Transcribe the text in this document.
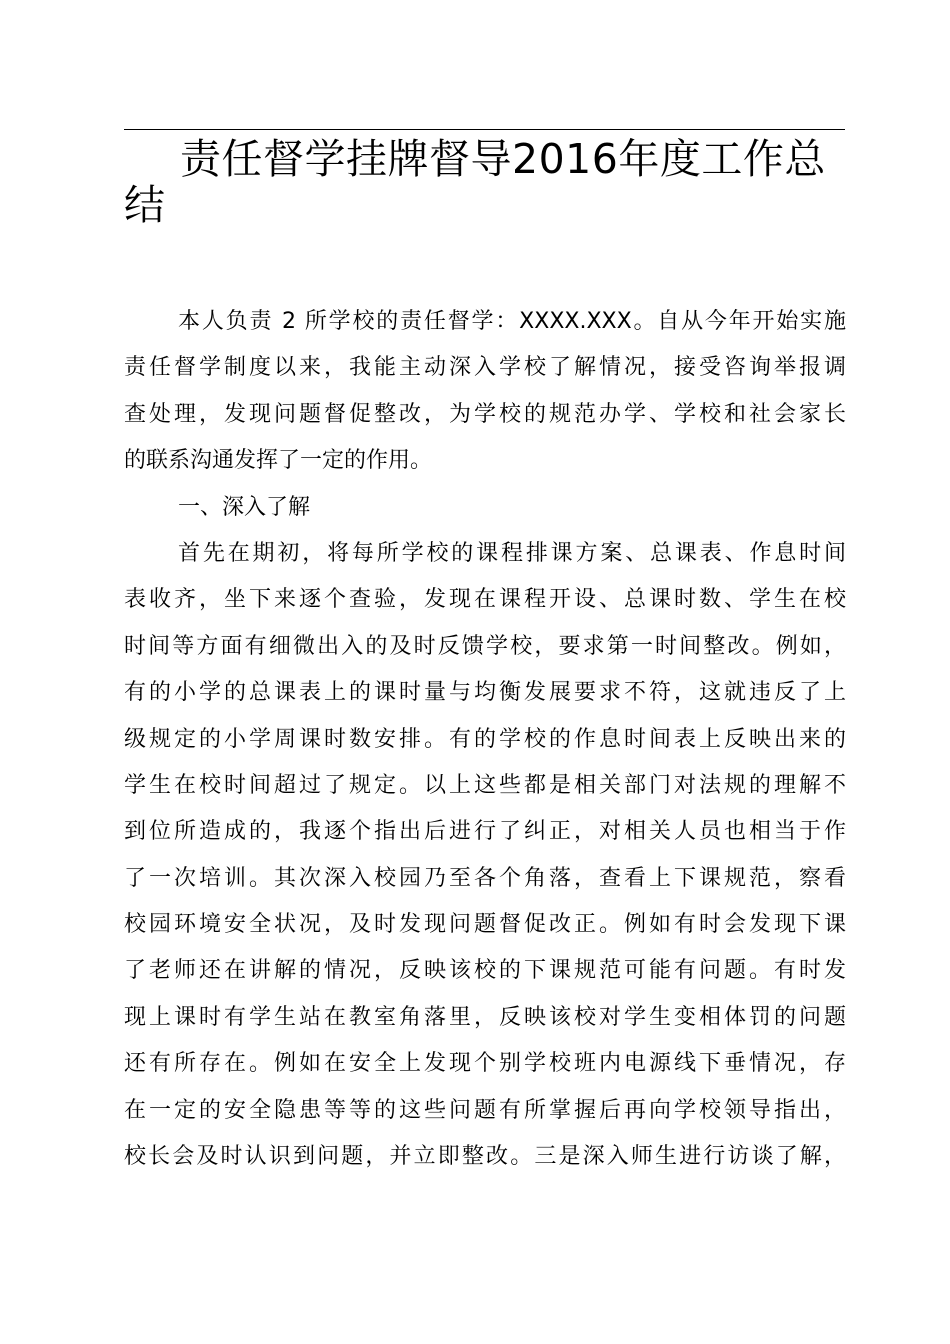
责任督学挂牌督导2016年度工作总结
本人负责 2 所学校的责任督学：XXXX.XXX。自从今年开始实施
责任督学制度以来，我能主动深入学校了解情况，接受咨询举报调
查处理，发现问题督促整改，为学校的规范办学、学校和社会家长
的联系沟通发挥了一定的作用。
一、深入了解
首先在期初，将每所学校的课程排课方案、总课表、作息时间
表收齐，坐下来逐个查验，发现在课程开设、总课时数、学生在校
时间等方面有细微出入的及时反馈学校，要求第一时间整改。例如，
有的小学的总课表上的课时量与均衡发展要求不符，这就违反了上
级规定的小学周课时数安排。有的学校的作息时间表上反映出来的
学生在校时间超过了规定。以上这些都是相关部门对法规的理解不
到位所造成的，我逐个指出后进行了纠正，对相关人员也相当于作
了一次培训。其次深入校园乃至各个角落，查看上下课规范，察看
校园环境安全状况，及时发现问题督促改正。例如有时会发现下课
了老师还在讲解的情况，反映该校的下课规范可能有问题。有时发
现上课时有学生站在教室角落里，反映该校对学生变相体罚的问题
还有所存在。例如在安全上发现个别学校班内电源线下垂情况，存
在一定的安全隐患等等的这些问题有所掌握后再向学校领导指出，
校长会及时认识到问题，并立即整改。三是深入师生进行访谈了解，
